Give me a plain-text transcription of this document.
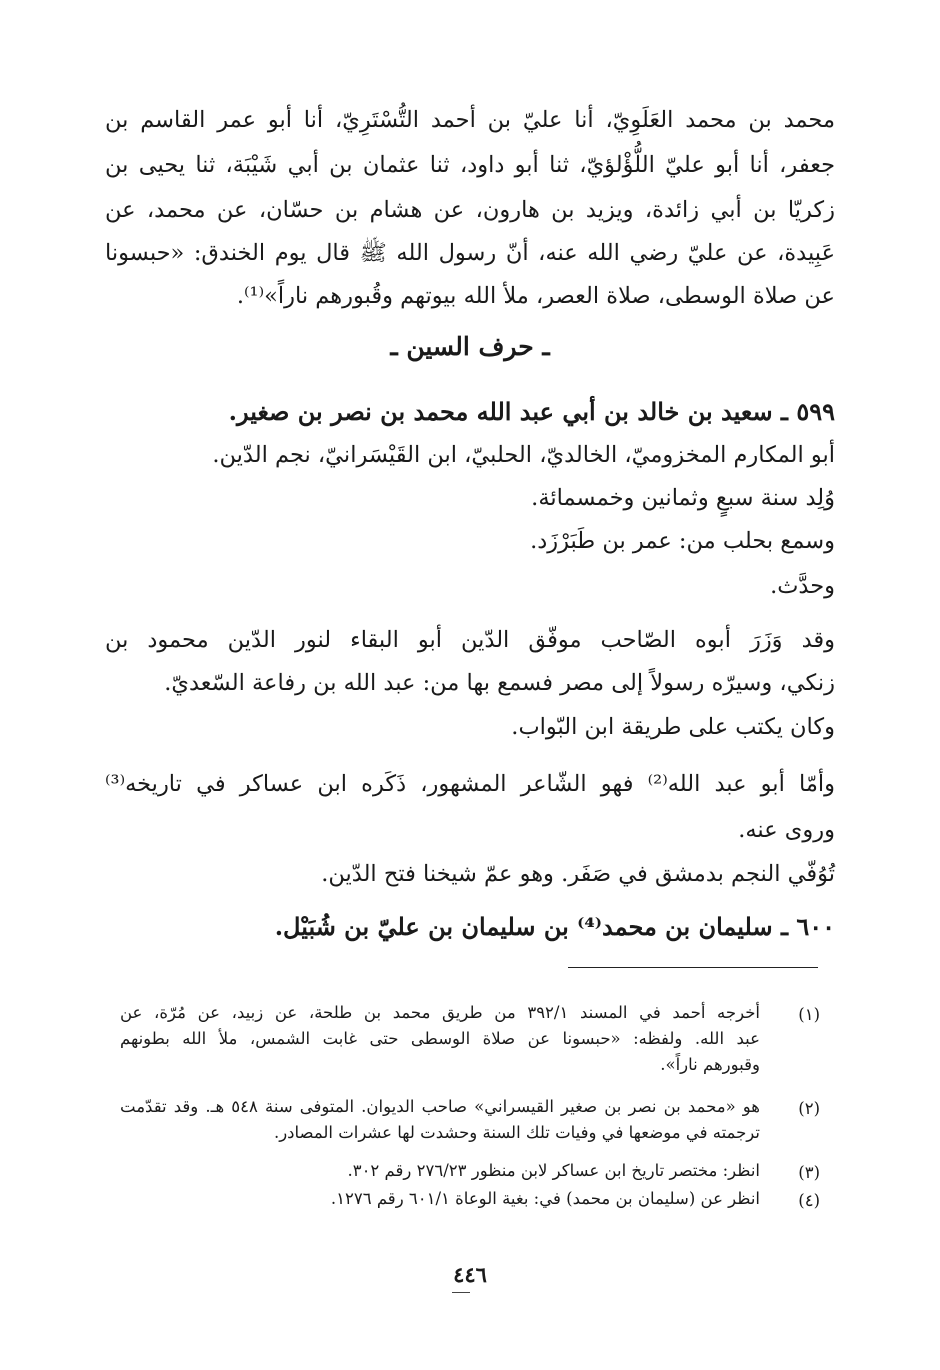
محمد بن محمد العَلَوِيّ، أنا عليّ بن أحمد التُّسْتَرِيّ، أنا أبو عمر القاسم بن
جعفر، أنا أبو عليّ اللُّؤْلؤيّ، ثنا أبو داود، ثنا عثمان بن أبي شَيْبَة، ثنا يحيى بن
زكريّا بن أبي زائدة، ويزيد بن هارون، عن هشام بن حسّان، عن محمد، عن
عَبِيدة، عن عليّ رضي الله عنه، أنّ رسول الله ﷺ قال يوم الخندق: «حبسونا
عن صلاة الوسطى، صلاة العصر، ملأ الله بيوتهم وقُبورهم ناراً»⁽¹⁾.
ـ حرف السين ـ
٥٩٩ ـ سعيد بن خالد بن أبي عبد الله محمد بن نصر بن صغير.
أبو المكارم المخزوميّ، الخالديّ، الحلبيّ، ابن القَيْسَرانيّ، نجم الدّين.
وُلِد سنة سبعٍ وثمانين وخمسمائة.
وسمع بحلب من: عمر بن طَبَرْزَد.
وحدَّث.
وقد وَزَرَ أبوه الصّاحب موفّق الدّين أبو البقاء لنور الدّين محمود بن
زنكي، وسيرّه رسولاً إلى مصر فسمع بها من: عبد الله بن رفاعة السّعديّ.
وكان يكتب على طريقة ابن البّواب.
وأمّا أبو عبد الله⁽²⁾ فهو الشّاعر المشهور، ذَكَره ابن عساكر في تاريخه⁽³⁾
وروى عنه.
تُوُفّي النجم بدمشق في صَفَر. وهو عمّ شيخنا فتح الدّين.
٦٠٠ ـ سليمان بن محمد⁽⁴⁾ بن سليمان بن عليّ بن شُبَيْل.
(١)
أخرجه أحمد في المسند ٣٩٢/١ من طريق محمد بن طلحة، عن زبيد، عن مُرّة، عن
عبد الله. ولفظه: «حبسونا عن صلاة الوسطى حتى غابت الشمس، ملأ الله بطونهم
وقبورهم ناراً».
(٢)
هو «محمد بن نصر بن صغير القيسراني» صاحب الديوان. المتوفى سنة ٥٤٨ هـ. وقد تقدّمت
ترجمته في موضعها في وفيات تلك السنة وحشدت لها عشرات المصادر.
(٣)
انظر: مختصر تاريخ ابن عساكر لابن منظور ٢٧٦/٢٣ رقم ٣٠٢.
(٤)
انظر عن (سليمان بن محمد) في: بغية الوعاة ٦٠١/١ رقم ١٢٧٦.
٤٤٦
